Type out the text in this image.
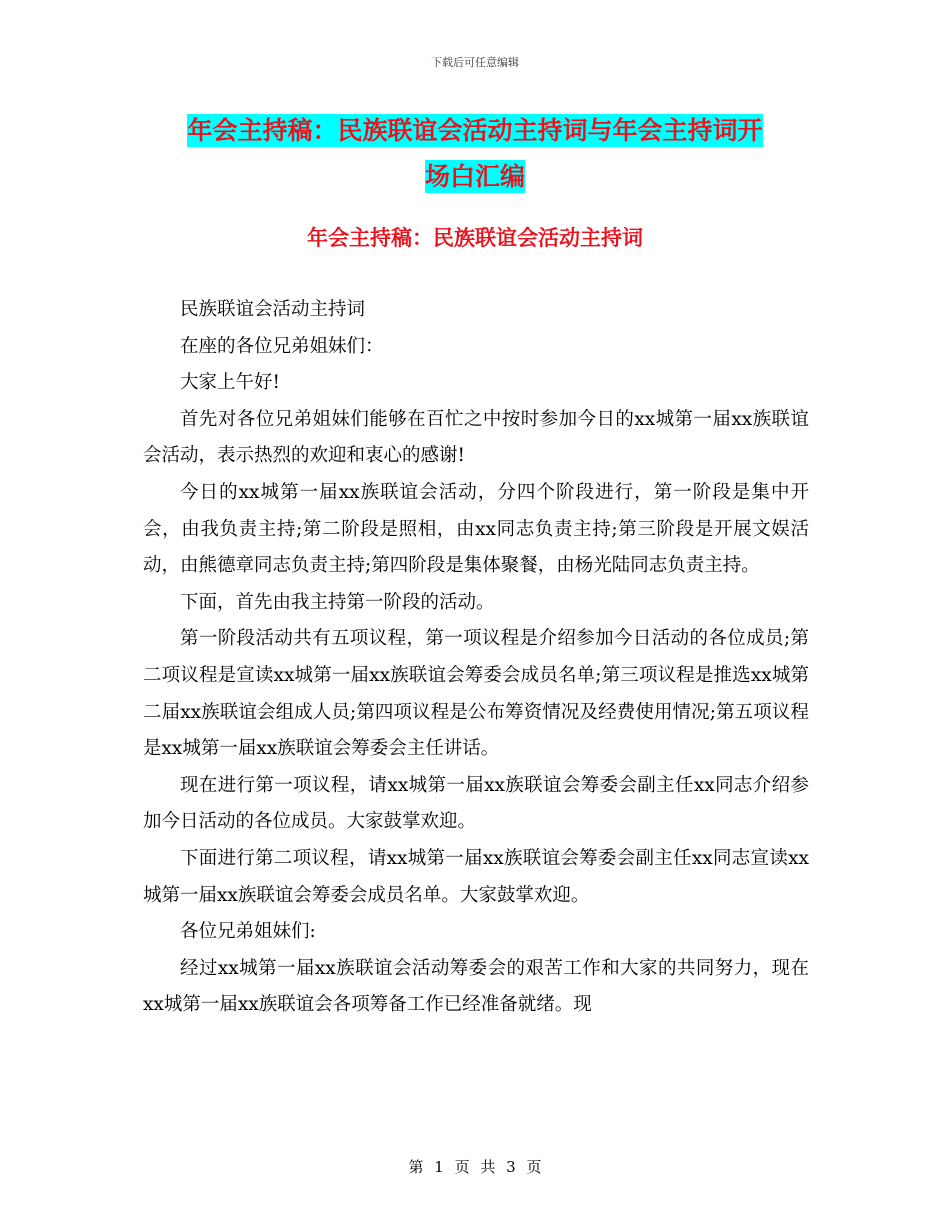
下载后可任意编辑
年会主持稿：民族联谊会活动主持词与年会主持词开
场白汇编
年会主持稿：民族联谊会活动主持词

民族联谊会活动主持词

在座的各位兄弟姐妹们：

大家上午好!

首先对各位兄弟姐妹们能够在百忙之中按时参加今日的xx城第一届xx族联谊会活动，表示热烈的欢迎和衷心的感谢!

今日的xx城第一届xx族联谊会活动，分四个阶段进行，第一阶段是集中开会，由我负责主持;第二阶段是照相，由xx同志负责主持;第三阶段是开展文娱活动，由熊德章同志负责主持;第四阶段是集体聚餐，由杨光陆同志负责主持。

下面，首先由我主持第一阶段的活动。

第一阶段活动共有五项议程，第一项议程是介绍参加今日活动的各位成员;第二项议程是宣读xx城第一届xx族联谊会筹委会成员名单;第三项议程是推选xx城第二届xx族联谊会组成人员;第四项议程是公布筹资情况及经费使用情况;第五项议程是xx城第一届xx族联谊会筹委会主任讲话。

现在进行第一项议程，请xx城第一届xx族联谊会筹委会副主任xx同志介绍参加今日活动的各位成员。大家鼓掌欢迎。

下面进行第二项议程，请xx城第一届xx族联谊会筹委会副主任xx同志宣读xx城第一届xx族联谊会筹委会成员名单。大家鼓掌欢迎。

各位兄弟姐妹们:

经过xx城第一届xx族联谊会活动筹委会的艰苦工作和大家的共同努力，现在xx城第一届xx族联谊会各项筹备工作已经准备就绪。现

第 1 页 共 3 页
